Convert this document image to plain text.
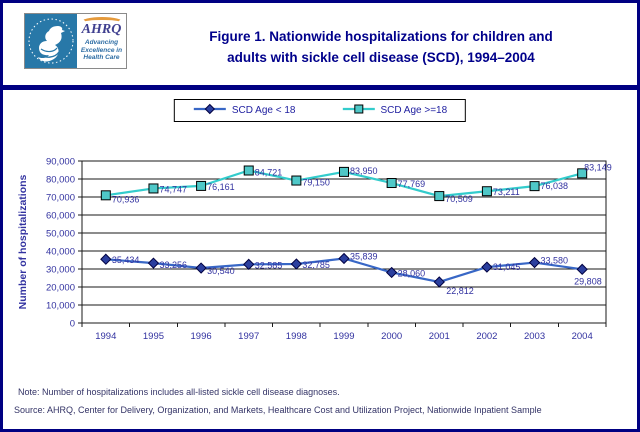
AHRQ
Advancing
Excellence in
Health Care
Figure 1. Nationwide hospitalizations for children and
adults with sickle cell disease (SCD), 1994–2004
SCD Age < 18	SCD Age >=18
0
10,000
20,000
30,000
40,000
50,000
60,000
70,000
80,000
90,000
1994	1995	1996	1997	1998	1999	2000	2001	2002	2003	2004
Number of hospitalizations	70,936
74,747 76,161
84,721
79,150
83,950
77,769
70,509
73,211
76,038
83,149
35,434 33,256
30,540
32,585 32,785
35,839
28,060
22,812
31,045
33,580
29,808
Note: Number of hospitalizations includes all-listed sickle cell disease diagnoses.
Source: AHRQ, Center for Delivery, Organization, and Markets, Healthcare Cost and Utilization Project, Nationwide Inpatient Sample
